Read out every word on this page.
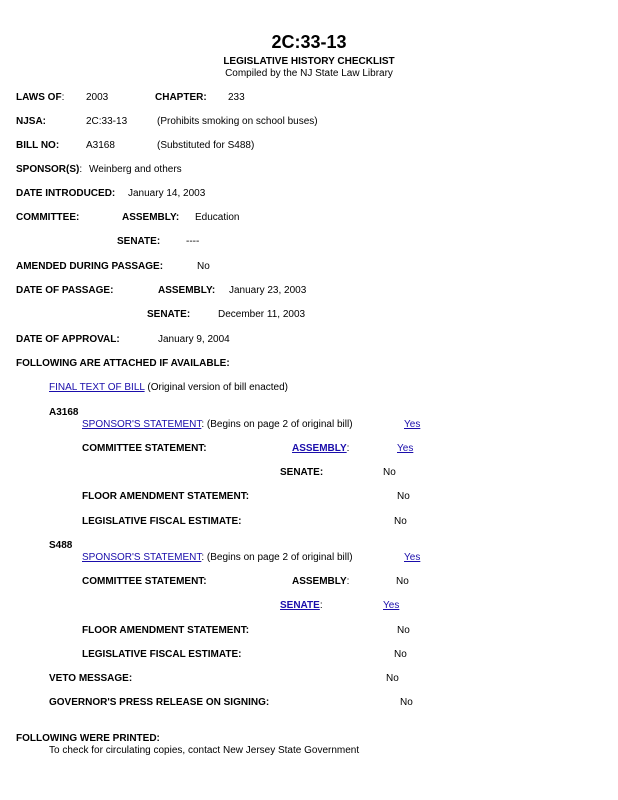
2C:33-13
LEGISLATIVE HISTORY CHECKLIST
Compiled by the NJ State Law Library
LAWS OF: 2003	CHAPTER: 233
NJSA:	2C:33-13	(Prohibits smoking on school buses)
BILL NO:	A3168	(Substituted for S488)
SPONSOR(S): Weinberg and others
DATE INTRODUCED: January 14, 2003
COMMITTEE:	ASSEMBLY: Education
SENATE:	----
AMENDED DURING PASSAGE:	No
DATE OF PASSAGE:	ASSEMBLY: January 23, 2003
SENATE:	December 11, 2003
DATE OF APPROVAL:	January 9, 2004
FOLLOWING ARE ATTACHED IF AVAILABLE:
FINAL TEXT OF BILL (Original version of bill enacted)
A3168
SPONSOR'S STATEMENT: (Begins on page 2 of original bill)	Yes
COMMITTEE STATEMENT:	ASSEMBLY:	Yes
SENATE:	No
FLOOR AMENDMENT STATEMENT:	No
LEGISLATIVE FISCAL ESTIMATE:	No
S488
SPONSOR'S STATEMENT: (Begins on page 2 of original bill)	Yes
COMMITTEE STATEMENT:	ASSEMBLY:	No
SENATE:	Yes
FLOOR AMENDMENT STATEMENT:	No
LEGISLATIVE FISCAL ESTIMATE:	No
VETO MESSAGE:	No
GOVERNOR'S PRESS RELEASE ON SIGNING:	No
FOLLOWING WERE PRINTED:
To check for circulating copies, contact New Jersey State Government
